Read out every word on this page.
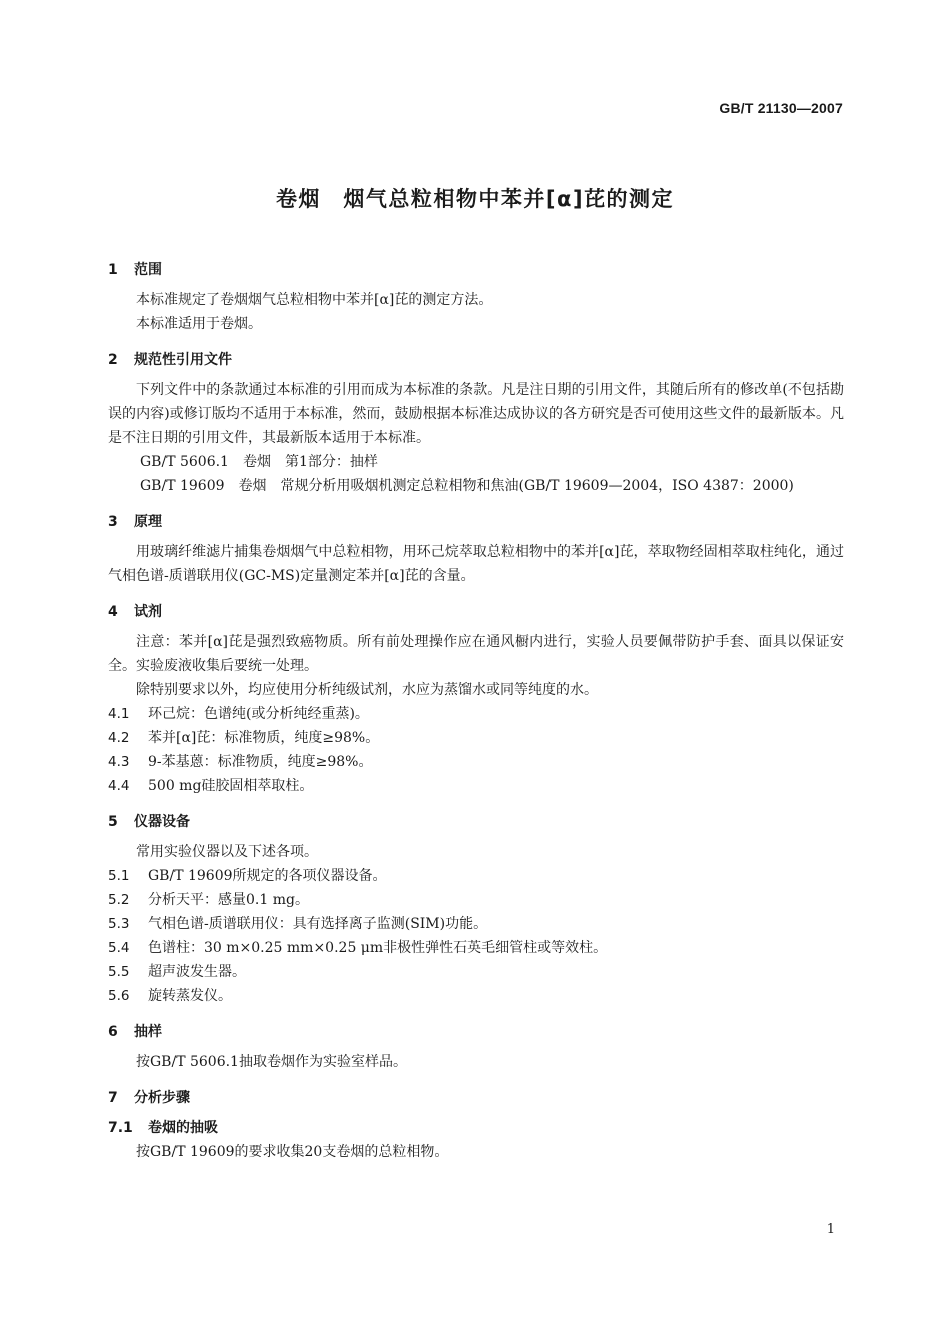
GB/T 21130—2007
卷烟　烟气总粒相物中苯并[α]芘的测定
1 范围
本标准规定了卷烟烟气总粒相物中苯并[α]芘的测定方法。
本标准适用于卷烟。
2 规范性引用文件
下列文件中的条款通过本标准的引用而成为本标准的条款。凡是注日期的引用文件，其随后所有的修改单(不包括勘误的内容)或修订版均不适用于本标准，然而，鼓励根据本标准达成协议的各方研究是否可使用这些文件的最新版本。凡是不注日期的引用文件，其最新版本适用于本标准。
GB/T 5606.1　卷烟　第1部分：抽样
GB/T 19609　卷烟　常规分析用吸烟机测定总粒相物和焦油(GB/T 19609—2004，ISO 4387：2000)
3 原理
用玻璃纤维滤片捕集卷烟烟气中总粒相物，用环己烷萃取总粒相物中的苯并[α]芘，萃取物经固相萃取柱纯化，通过气相色谱-质谱联用仪(GC-MS)定量测定苯并[α]芘的含量。
4 试剂
注意：苯并[α]芘是强烈致癌物质。所有前处理操作应在通风橱内进行，实验人员要佩带防护手套、面具以保证安全。实验废液收集后要统一处理。
除特别要求以外，均应使用分析纯级试剂，水应为蒸馏水或同等纯度的水。
4.1 环己烷：色谱纯(或分析纯经重蒸)。
4.2 苯并[α]芘：标准物质，纯度≥98%。
4.3 9-苯基蒽：标准物质，纯度≥98%。
4.4 500 mg硅胶固相萃取柱。
5 仪器设备
常用实验仪器以及下述各项。
5.1 GB/T 19609所规定的各项仪器设备。
5.2 分析天平：感量0.1 mg。
5.3 气相色谱-质谱联用仪：具有选择离子监测(SIM)功能。
5.4 色谱柱：30 m×0.25 mm×0.25 μm非极性弹性石英毛细管柱或等效柱。
5.5 超声波发生器。
5.6 旋转蒸发仪。
6 抽样
按GB/T 5606.1抽取卷烟作为实验室样品。
7 分析步骤
7.1 卷烟的抽吸
按GB/T 19609的要求收集20支卷烟的总粒相物。
1
